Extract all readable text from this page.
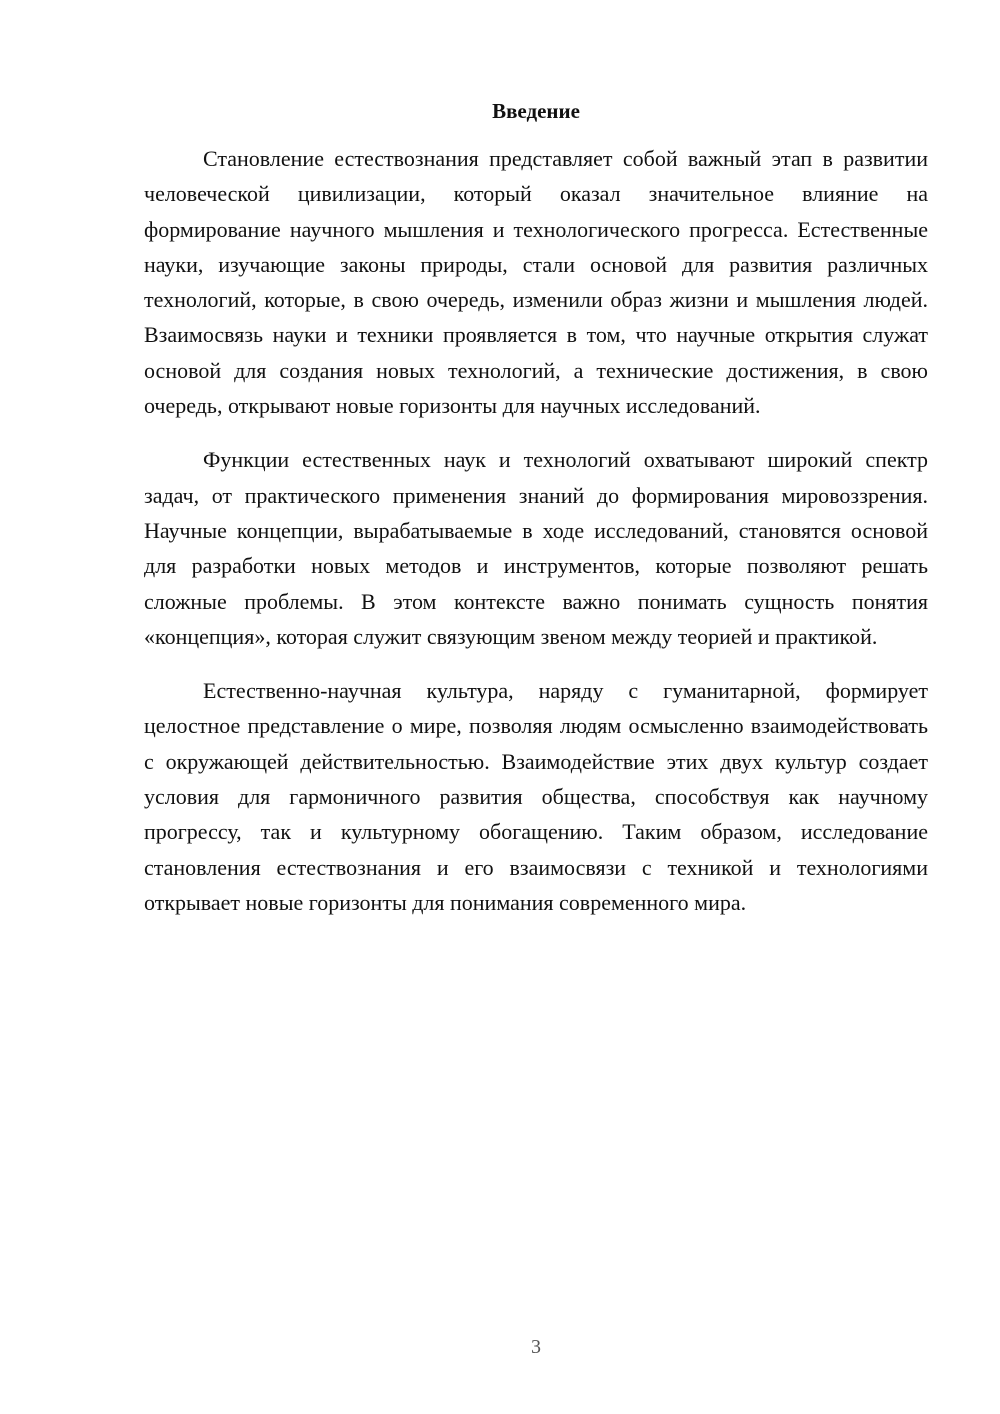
Введение

Становление естествознания представляет собой важный этап в развитии человеческой цивилизации, который оказал значительное влияние на формирование научного мышления и технологического прогресса. Естественные науки, изучающие законы природы, стали основой для развития различных технологий, которые, в свою очередь, изменили образ жизни и мышления людей. Взаимосвязь науки и техники проявляется в том, что научные открытия служат основой для создания новых технологий, а технические достижения, в свою очередь, открывают новые горизонты для научных исследований.

Функции естественных наук и технологий охватывают широкий спектр задач, от практического применения знаний до формирования мировоззрения. Научные концепции, вырабатываемые в ходе исследований, становятся основой для разработки новых методов и инструментов, которые позволяют решать сложные проблемы. В этом контексте важно понимать сущность понятия «концепция», которая служит связующим звеном между теорией и практикой.

Естественно-научная культура, наряду с гуманитарной, формирует целостное представление о мире, позволяя людям осмысленно взаимодействовать с окружающей действительностью. Взаимодействие этих двух культур создает условия для гармоничного развития общества, способствуя как научному прогрессу, так и культурному обогащению. Таким образом, исследование становления естествознания и его взаимосвязи с техникой и технологиями открывает новые горизонты для понимания современного мира.

3
